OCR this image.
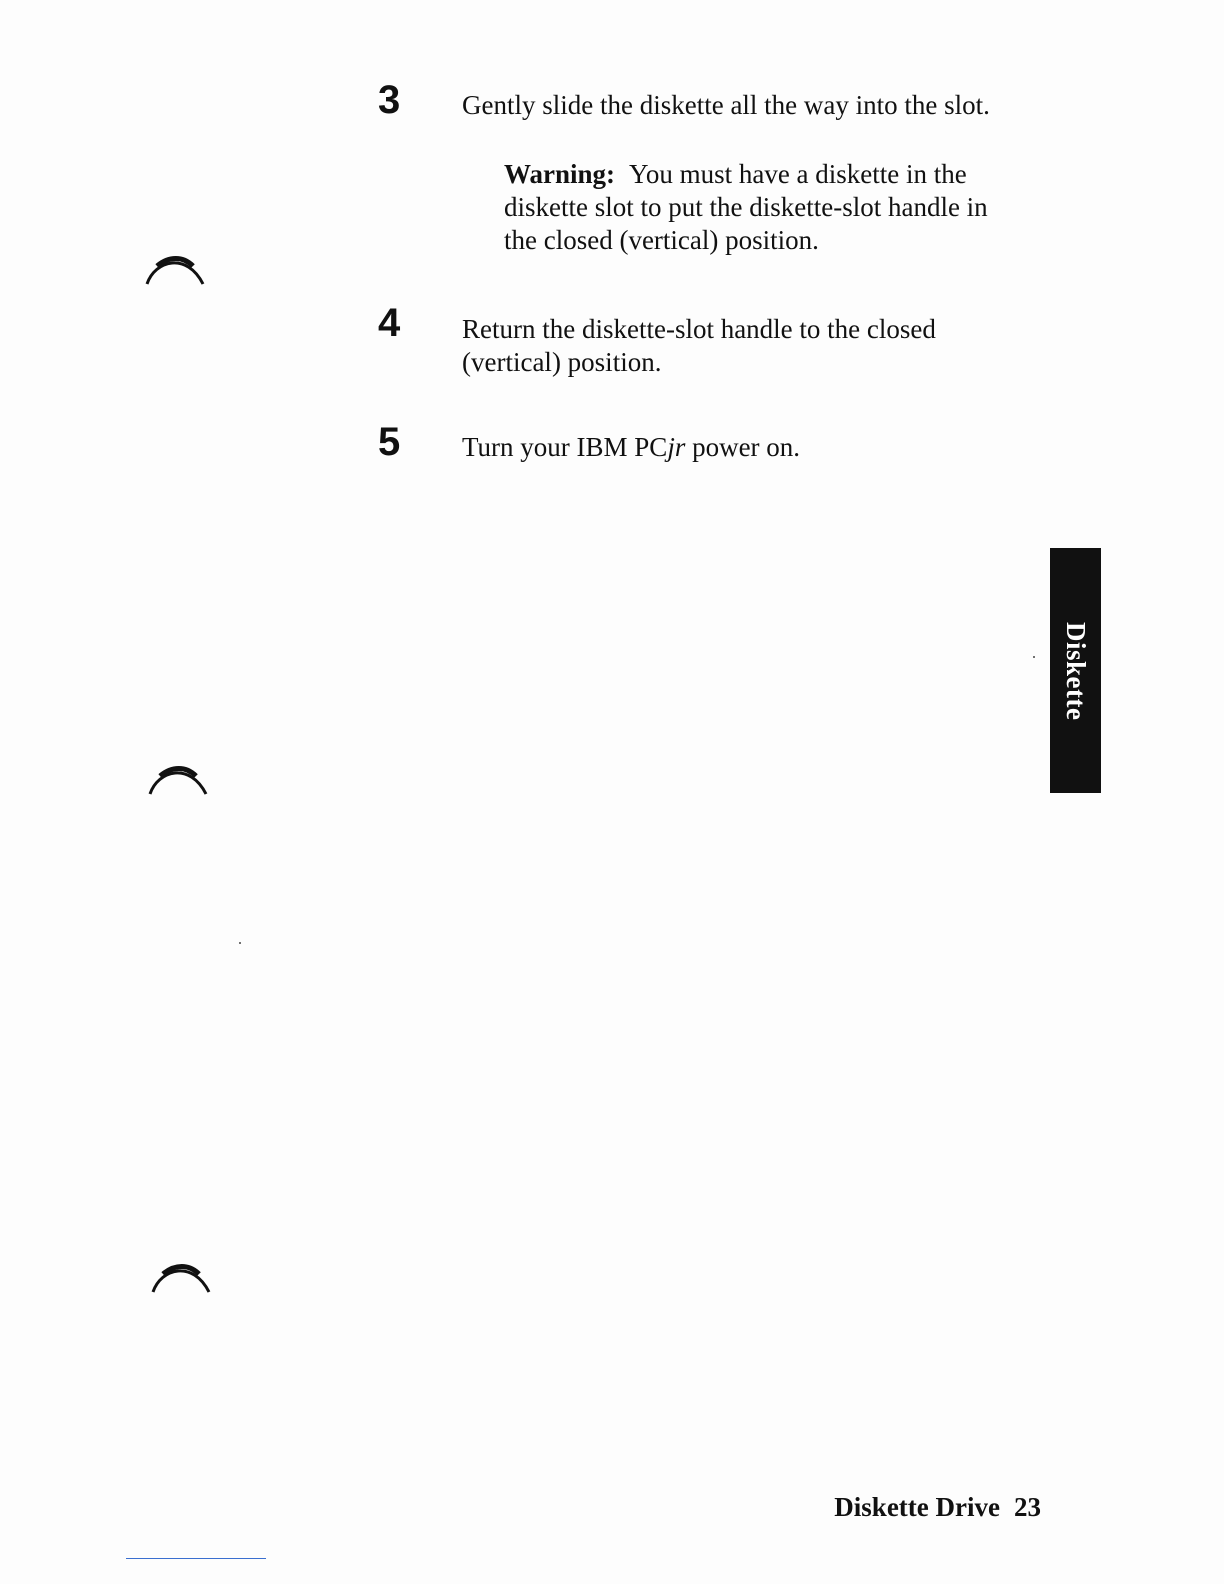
3 Gently slide the diskette all the way into the slot.
Warning: You must have a diskette in the
diskette slot to put the diskette-slot handle in
the closed (vertical) position.
4 Return the diskette-slot handle to the closed
(vertical) position.
5 Turn your IBM PCjr power on.
Diskette
Diskette Drive 23
